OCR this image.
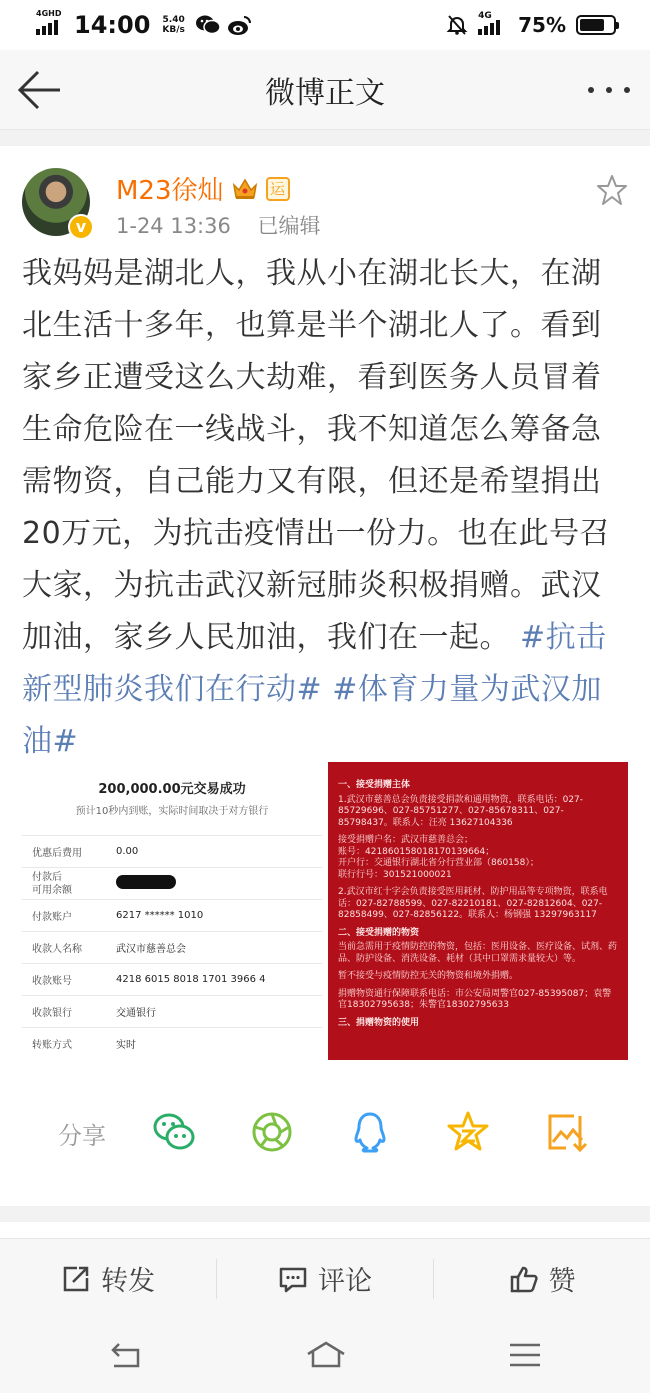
4GHD 14:00 5.40
KB/s
4G 75%
微博正文
v
M23徐灿	运
1-24 13:36 已编辑
我妈妈是湖北人，我从小在湖北长大，在湖北生活十多年，也算是半个湖北人了。看到家乡正遭受这么大劫难，看到医务人员冒着生命危险在一线战斗，我不知道怎么筹备急需物资，自己能力又有限，但还是希望捐出20万元，为抗击疫情出一份力。也在此号召大家，为抗击武汉新冠肺炎积极捐赠。武汉加油，家乡人民加油，我们在一起。 #抗击新型肺炎我们在行动# #体育力量为武汉加油#
200,000.00元交易成功
预计10秒内到账，实际时间取决于对方银行
优惠后费用	0.00
付款后
可用余额	
付款账户	6217 ****** 1010
收款人名称	武汉市慈善总会
收款账号	4218 6015 8018 1701 3966 4
收款银行	交通银行
转账方式	实时
一、接受捐赠主体
1.武汉市慈善总会负责接受捐款和通用物资，联系电话：027-85729696、027-85751277、027-85678311、027-85798437。联系人：汪亮 13627104336
接受捐赠户名：武汉市慈善总会；
账号：421860158018170139664；
开户行：交通银行湖北省分行营业部（860158）；
联行行号：301521000021
2.武汉市红十字会负责接受医用耗材、防护用品等专项物资，联系电话：027-82788599、027-82210181、027-82812604、027-82858499、027-82856122。联系人：杨钢强 13297963117
二、接受捐赠的物资
当前急需用于疫情防控的物资，包括：医用设备、医疗设备、试剂、药品、防护设备、消洗设备、耗材（其中口罩需求量较大）等。
暂不接受与疫情防控无关的物资和境外捐赠。
捐赠物资通行保障联系电话：市公安局周警官027-85395087；袁警官18302795638；朱警官18302795633
三、捐赠物资的使用
分享
转发	评论	赞
